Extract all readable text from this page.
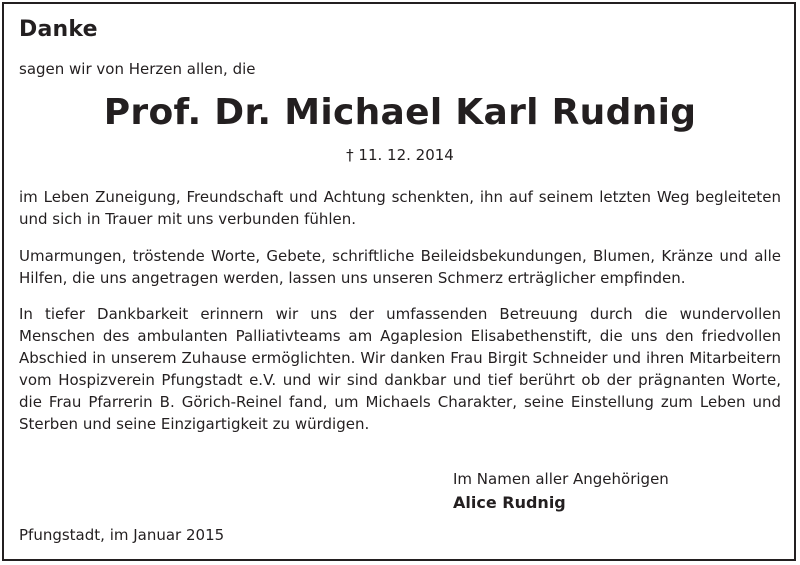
Danke
sagen wir von Herzen allen, die
Prof. Dr. Michael Karl Rudnig
† 11. 12. 2014

im Leben Zuneigung, Freundschaft und Achtung schenkten, ihn auf seinem letzten Weg begleiteten und sich in Trauer mit uns verbunden fühlen.

Umarmungen, tröstende Worte, Gebete, schriftliche Beileidsbekundungen, Blumen, Kränze und alle Hilfen, die uns angetragen werden, lassen uns unseren Schmerz erträglicher empfinden.

In tiefer Dankbarkeit erinnern wir uns der umfassenden Betreuung durch die wundervollen Menschen des ambulanten Palliativteams am Agaplesion Elisabethenstift, die uns den friedvollen Abschied in unserem Zuhause ermöglichten. Wir danken Frau Birgit Schneider und ihren Mitarbeitern vom Hospizverein Pfungstadt e.V. und wir sind dankbar und tief berührt ob der prägnanten Worte, die Frau Pfarrerin B. Görich-Reinel fand, um Michaels Charakter, seine Einstellung zum Leben und Sterben und seine Einzigartigkeit zu würdigen.

Im Namen aller Angehörigen
Alice Rudnig
Pfungstadt, im Januar 2015
